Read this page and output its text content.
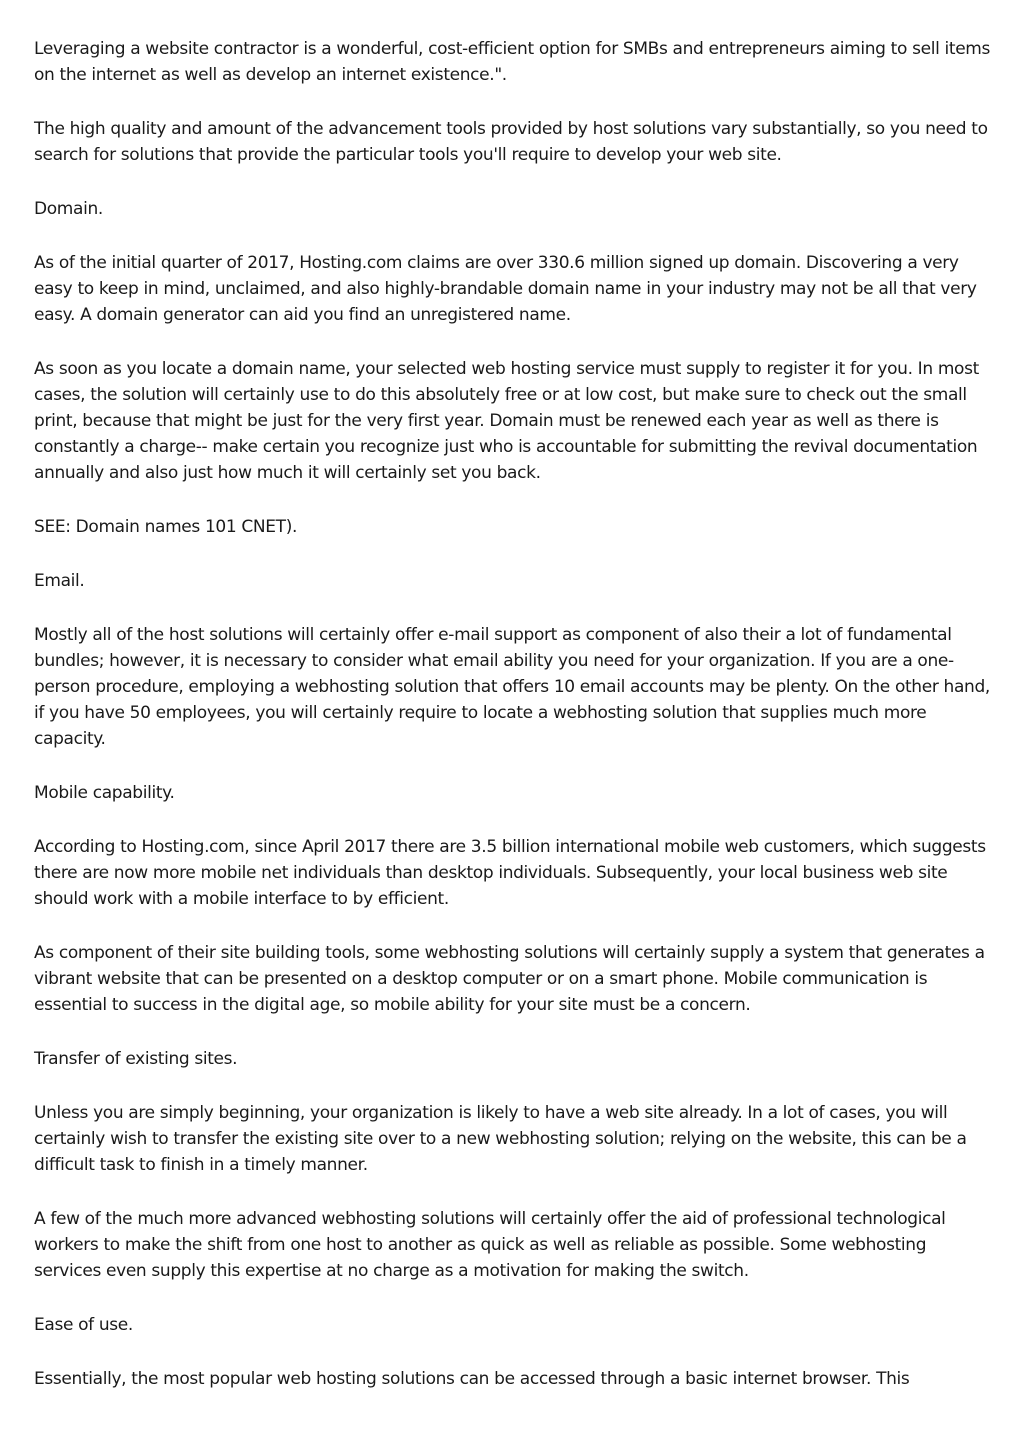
Leveraging a website contractor is a wonderful, cost-efficient option for SMBs and entrepreneurs aiming to sell items on the internet as well as develop an internet existence.".

The high quality and amount of the advancement tools provided by host solutions vary substantially, so you need to search for solutions that provide the particular tools you'll require to develop your web site.

Domain.

As of the initial quarter of 2017, Hosting.com claims are over 330.6 million signed up domain. Discovering a very easy to keep in mind, unclaimed, and also highly-brandable domain name in your industry may not be all that very easy. A domain generator can aid you find an unregistered name.

As soon as you locate a domain name, your selected web hosting service must supply to register it for you. In most cases, the solution will certainly use to do this absolutely free or at low cost, but make sure to check out the small print, because that might be just for the very first year. Domain must be renewed each year as well as there is constantly a charge-- make certain you recognize just who is accountable for submitting the revival documentation annually and also just how much it will certainly set you back.

SEE: Domain names 101 CNET).

Email.

Mostly all of the host solutions will certainly offer e-mail support as component of also their a lot of fundamental bundles; however, it is necessary to consider what email ability you need for your organization. If you are a one-person procedure, employing a webhosting solution that offers 10 email accounts may be plenty. On the other hand, if you have 50 employees, you will certainly require to locate a webhosting solution that supplies much more capacity.

Mobile capability.

According to Hosting.com, since April 2017 there are 3.5 billion international mobile web customers, which suggests there are now more mobile net individuals than desktop individuals. Subsequently, your local business web site should work with a mobile interface to by efficient.

As component of their site building tools, some webhosting solutions will certainly supply a system that generates a vibrant website that can be presented on a desktop computer or on a smart phone. Mobile communication is essential to success in the digital age, so mobile ability for your site must be a concern.

Transfer of existing sites.

Unless you are simply beginning, your organization is likely to have a web site already. In a lot of cases, you will certainly wish to transfer the existing site over to a new webhosting solution; relying on the website, this can be a difficult task to finish in a timely manner.

A few of the much more advanced webhosting solutions will certainly offer the aid of professional technological workers to make the shift from one host to another as quick as well as reliable as possible. Some webhosting services even supply this expertise at no charge as a motivation for making the switch.

Ease of use.

Essentially, the most popular web hosting solutions can be accessed through a basic internet browser. This
